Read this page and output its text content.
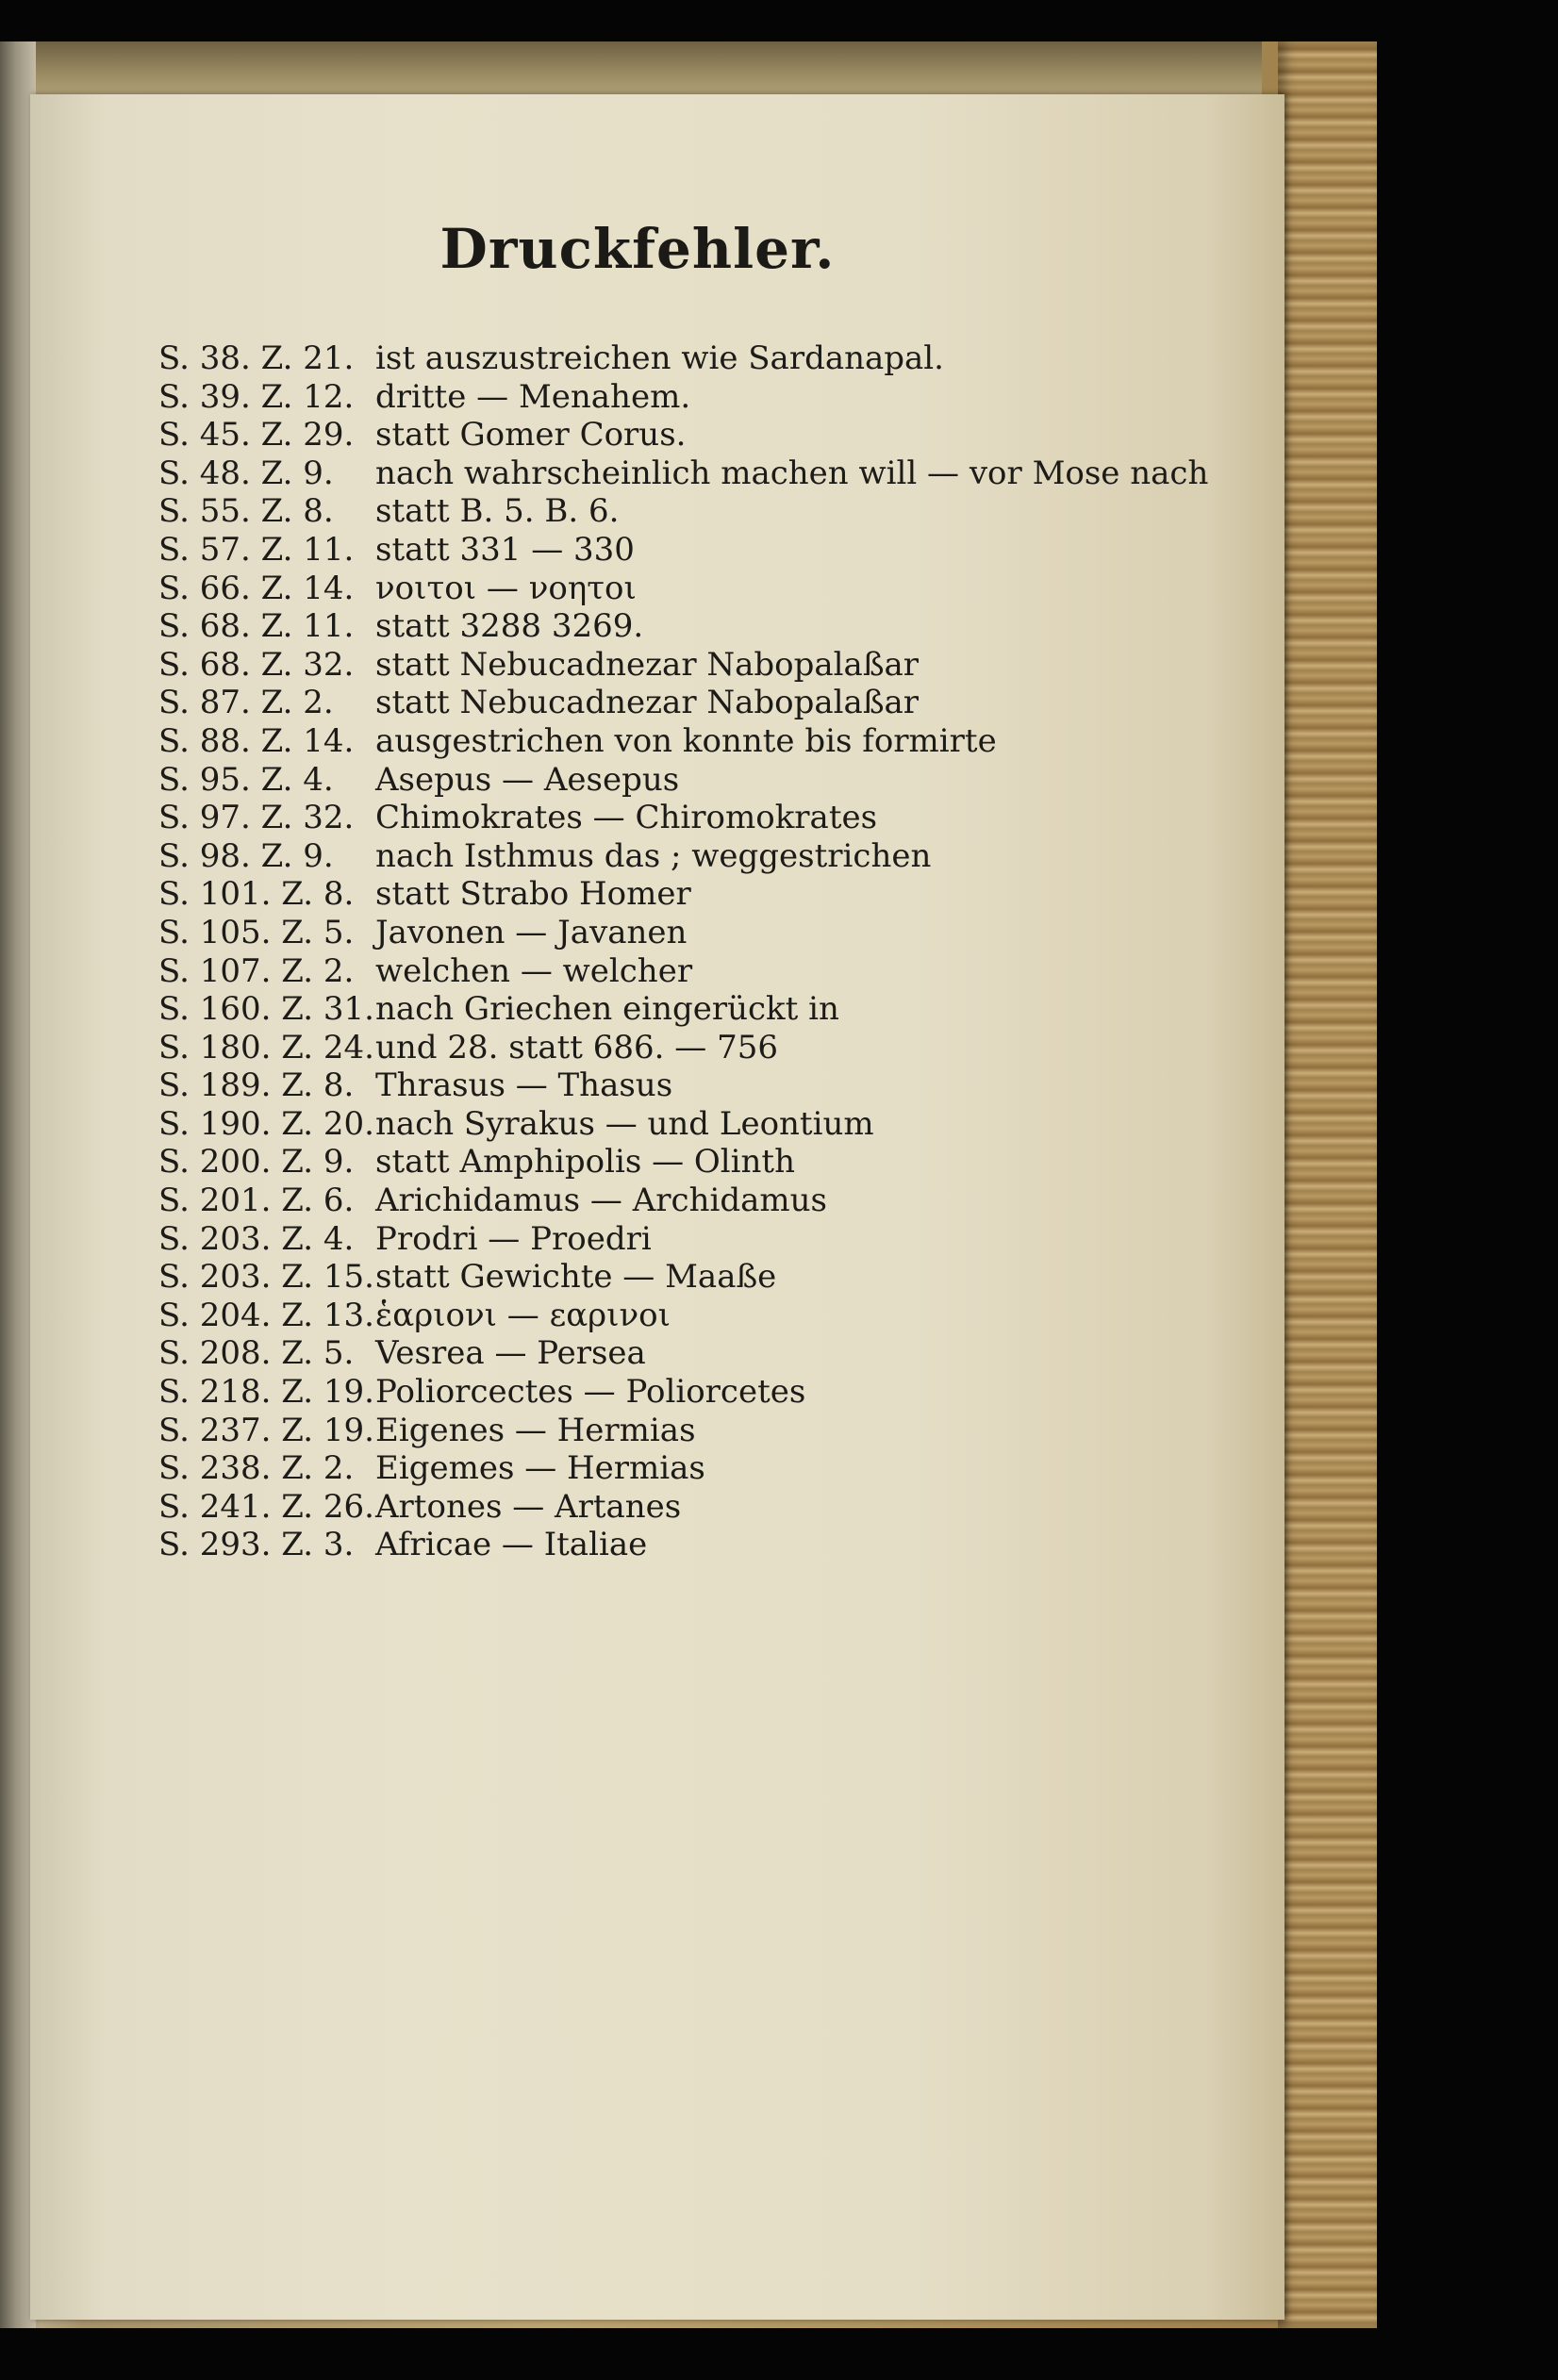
Druckfehler.
S. 38. Z. 21. ist auszustreichen wie Sardanapal.
S. 39. Z. 12. dritte — Menahem.
S. 45. Z. 29. statt Gomer Corus.
S. 48. Z. 9. nach wahrscheinlich machen will — vor Mose nach
S. 55. Z. 8. statt B. 5. B. 6.
S. 57. Z. 11. statt 331 — 330
S. 66. Z. 14. νοιτοι — νοητοι
S. 68. Z. 11. statt 3288 3269.
S. 68. Z. 32. statt Nebucadnezar Nabopalaßar
S. 87. Z. 2. statt Nebucadnezar Nabopalaßar
S. 88. Z. 14. ausgestrichen von konnte bis formirte
S. 95. Z. 4. Asepus — Aesepus
S. 97. Z. 32. Chimokrates — Chiromokrates
S. 98. Z. 9. nach Isthmus das ; weggestrichen
S. 101. Z. 8. statt Strabo Homer
S. 105. Z. 5. Javonen — Javanen
S. 107. Z. 2. welchen — welcher
S. 160. Z. 31.nach Griechen eingerückt in
S. 180. Z. 24.und 28. statt 686. — 756
S. 189. Z. 8. Thrasus — Thasus
S. 190. Z. 20.nach Syrakus — und Leontium
S. 200. Z. 9. statt Amphipolis — Olinth
S. 201. Z. 6. Arichidamus — Archidamus
S. 203. Z. 4. Prodri — Proedri
S. 203. Z. 15.statt Gewichte — Maaße
S. 204. Z. 13.ἑαριονι — εαρινοι
S. 208. Z. 5. Vesrea — Persea
S. 218. Z. 19.Poliorcectes — Poliorcetes
S. 237. Z. 19.Eigenes — Hermias
S. 238. Z. 2. Eigemes — Hermias
S. 241. Z. 26.Artones — Artanes
S. 293. Z. 3. Africae — Italiae
